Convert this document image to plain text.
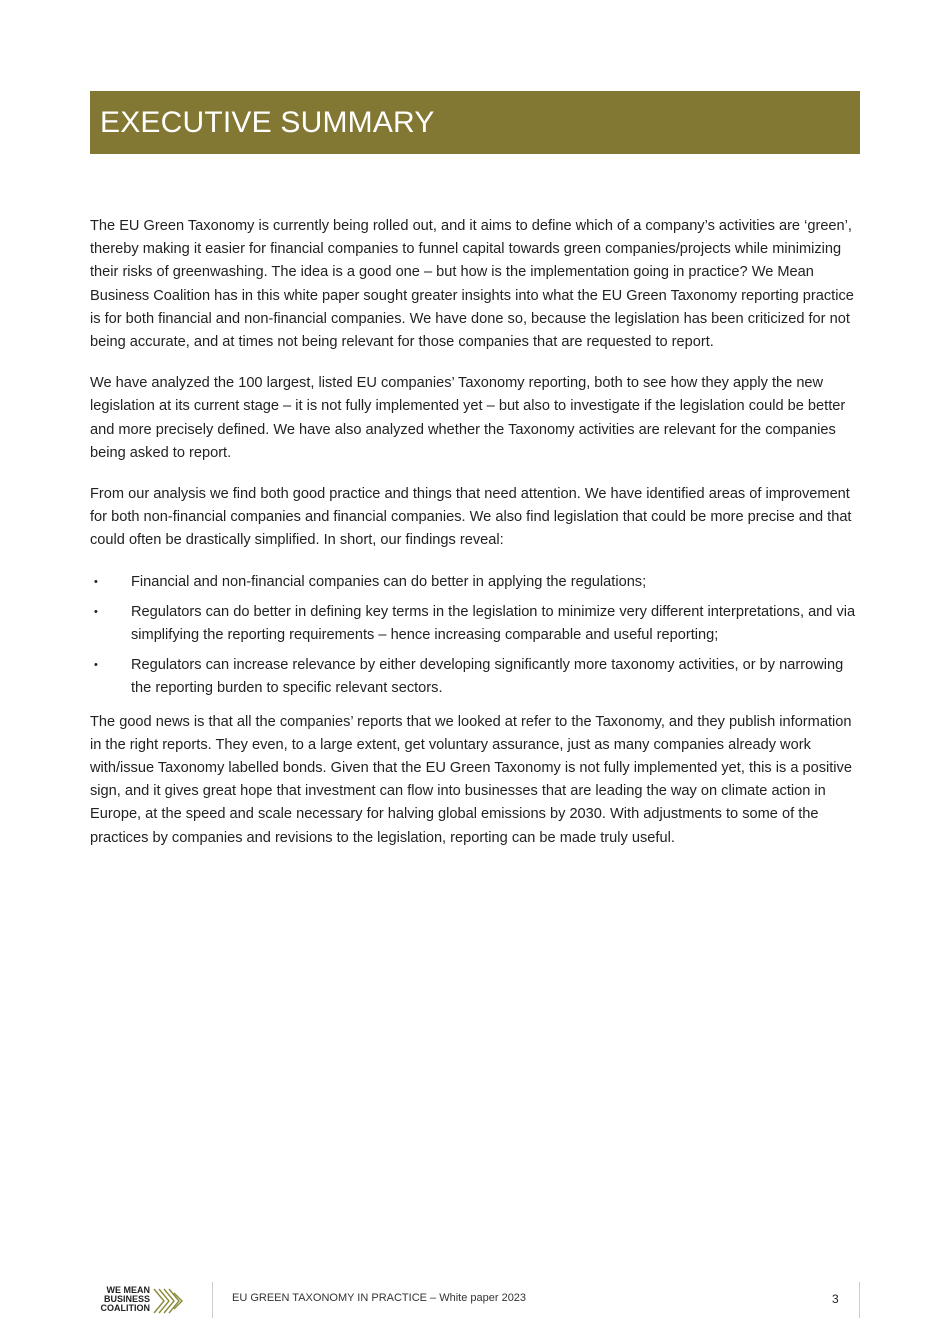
EXECUTIVE SUMMARY

The EU Green Taxonomy is currently being rolled out, and it aims to define which of a company’s activities are ‘green’, thereby making it easier for financial companies to funnel capital towards green companies/projects while minimizing their risks of greenwashing. The idea is a good one – but how is the implementation going in practice? We Mean Business Coalition has in this white paper sought greater insights into what the EU Green Taxonomy reporting practice is for both financial and non-financial companies. We have done so, because the legislation has been criticized for not being accurate, and at times not being relevant for those companies that are requested to report.

We have analyzed the 100 largest, listed EU companies’ Taxonomy reporting, both to see how they apply the new legislation at its current stage – it is not fully implemented yet – but also to investigate if the legislation could be better and more precisely defined. We have also analyzed whether the Taxonomy activities are relevant for the companies being asked to report.

From our analysis we find both good practice and things that need attention. We have identified areas of improvement for both non-financial companies and financial companies. We also find legislation that could be more precise and that could often be drastically simplified. In short, our findings reveal:

• Financial and non-financial companies can do better in applying the regulations;
• Regulators can do better in defining key terms in the legislation to minimize very different interpretations, and via simplifying the reporting requirements – hence increasing comparable and useful reporting;
• Regulators can increase relevance by either developing significantly more taxonomy activities, or by narrowing the reporting burden to specific relevant sectors.

The good news is that all the companies’ reports that we looked at refer to the Taxonomy, and they publish information in the right reports. They even, to a large extent, get voluntary assurance, just as many companies already work with/issue Taxonomy labelled bonds. Given that the EU Green Taxonomy is not fully implemented yet, this is a positive sign, and it gives great hope that investment can flow into businesses that are leading the way on climate action in Europe, at the speed and scale necessary for halving global emissions by 2030. With adjustments to some of the practices by companies and revisions to the legislation, reporting can be made truly useful.

WE MEAN
BUSINESS
COALITION
EU GREEN TAXONOMY IN PRACTICE – White paper 2023	3
